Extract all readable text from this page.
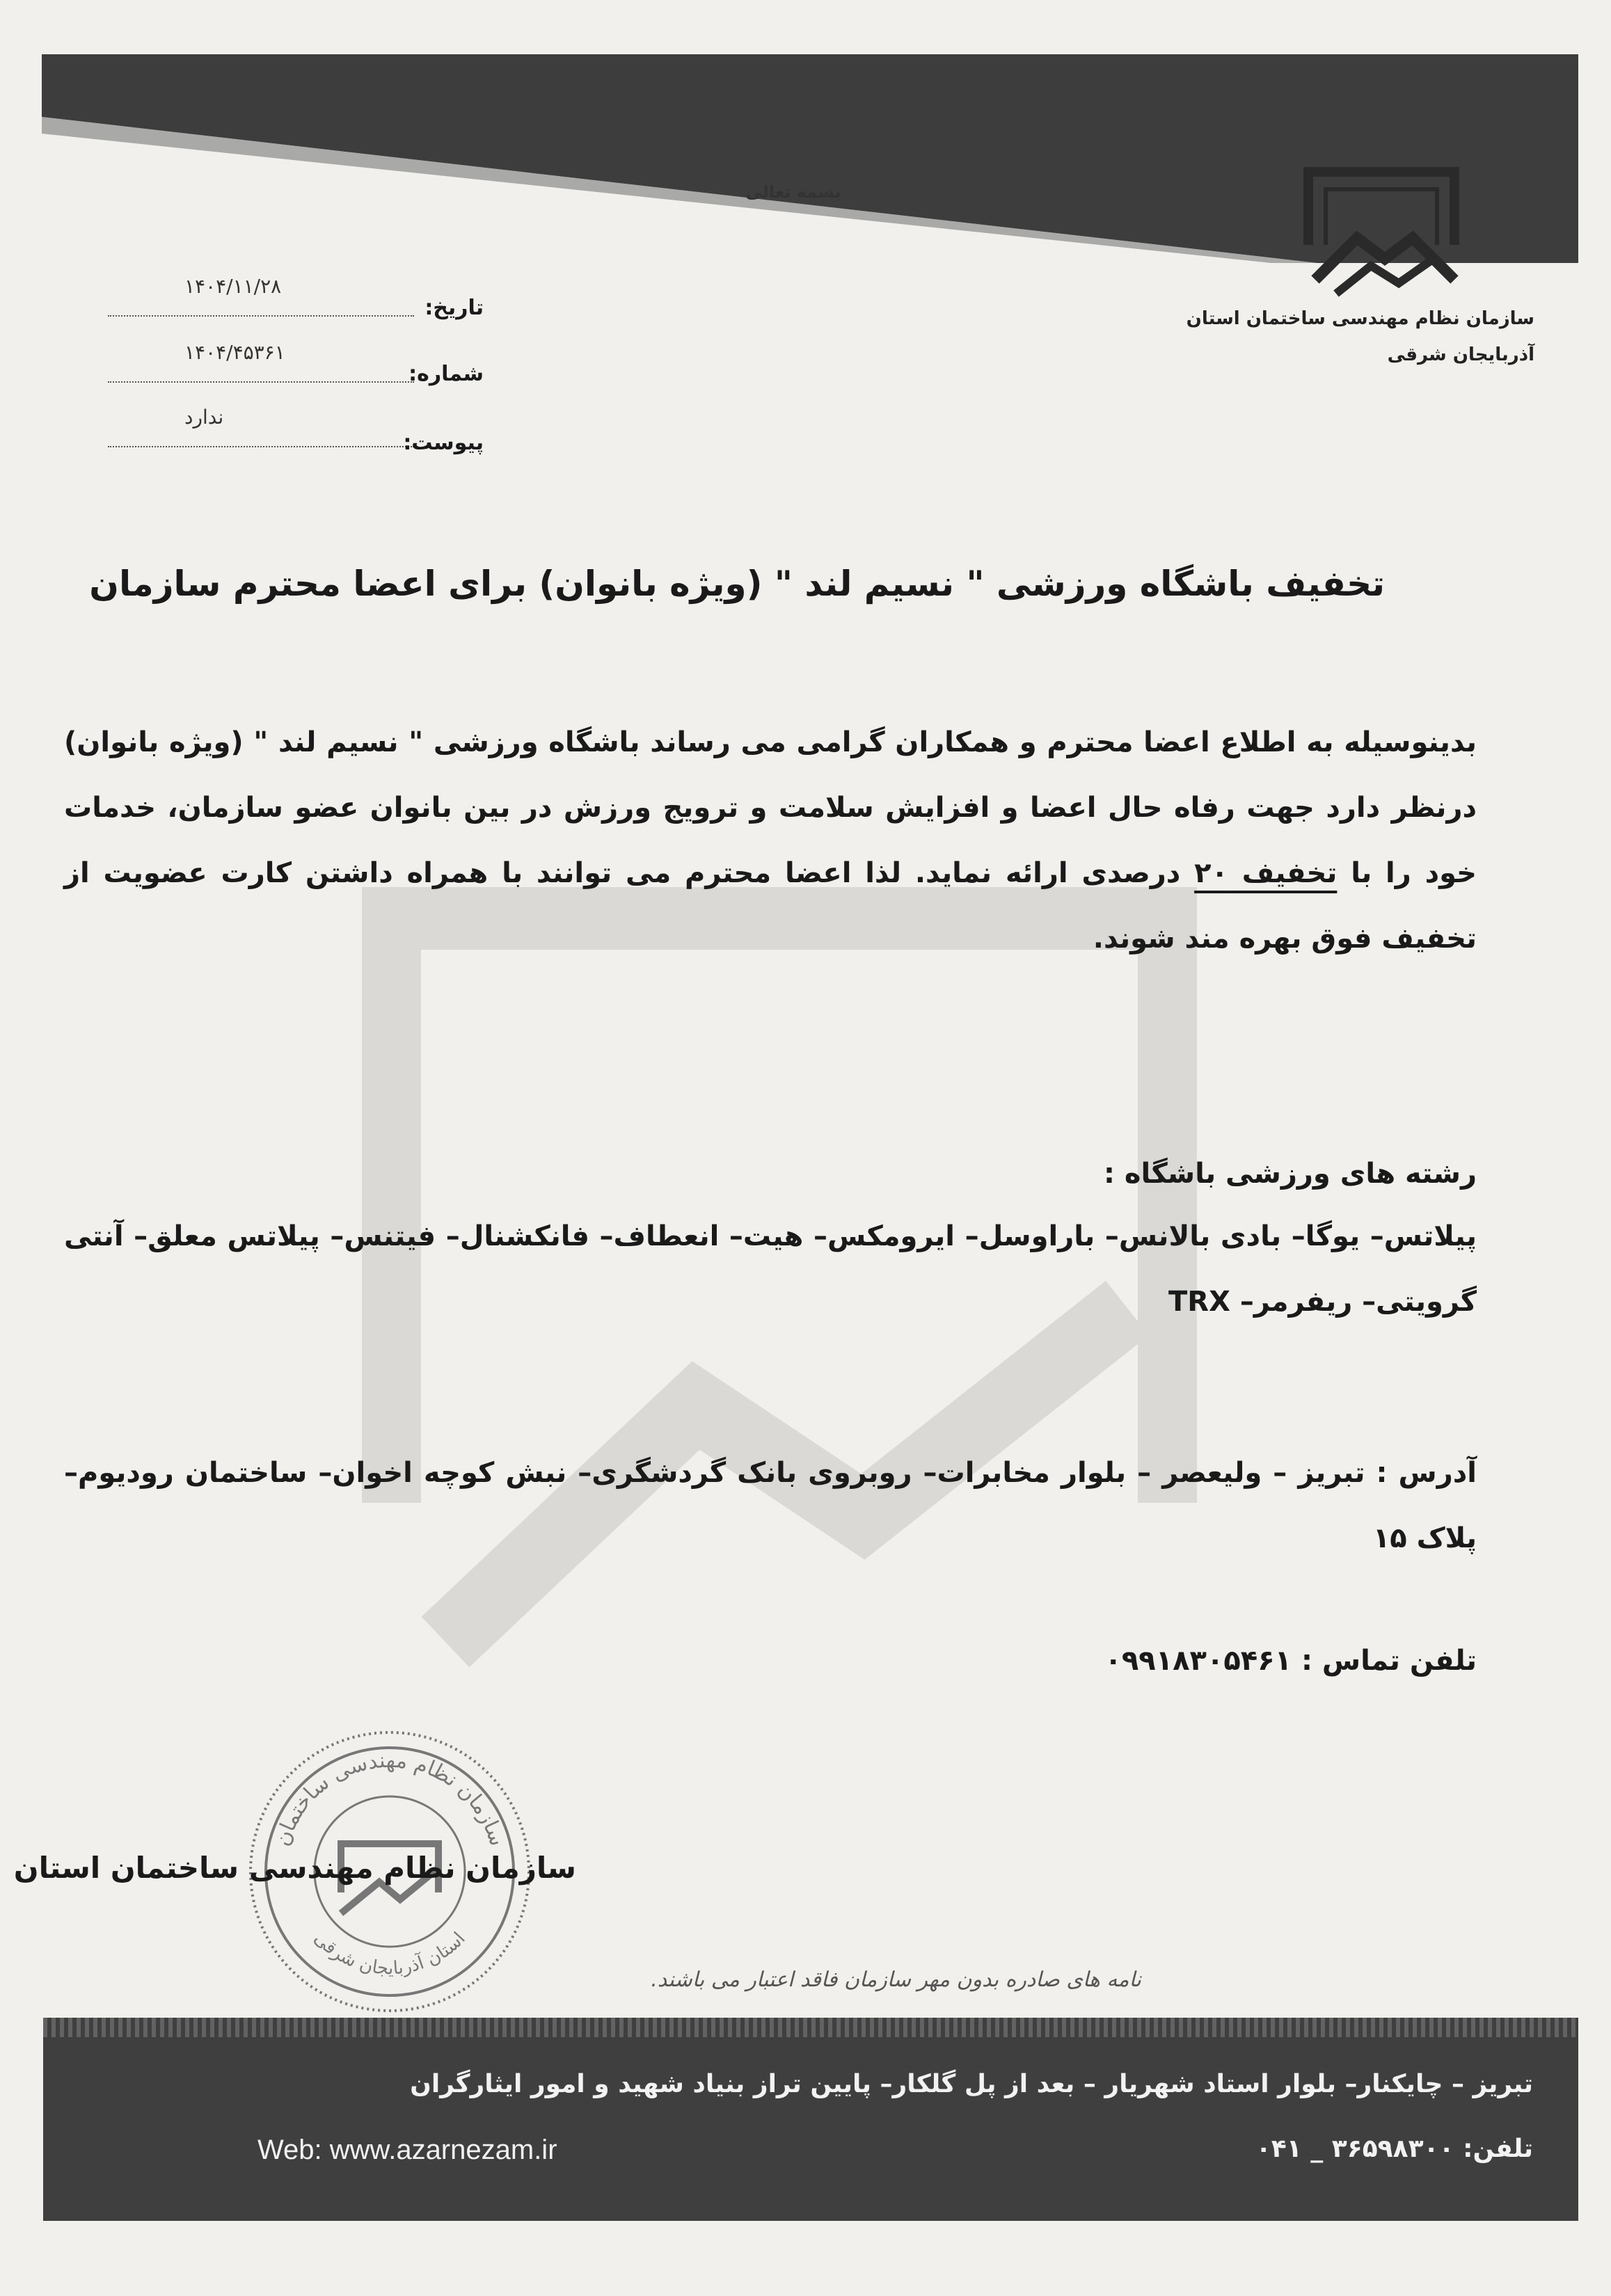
بسمه تعالی
سازمان نظام مهندسی ساختمان استان
آذربایجان شرقی
۱۴۰۴/۱۱/۲۸
تاریخ:
۱۴۰۴/۴۵۳۶۱
شماره:
ندارد
پیوست:
تخفیف باشگاه ورزشی " نسیم لند " (ویژه بانوان) برای اعضا محترم سازمان
بدینوسیله به اطلاع اعضا محترم و همکاران گرامی می رساند باشگاه ورزشی " نسیم لند " (ویژه بانوان) درنظر دارد جهت رفاه حال اعضا و افزایش سلامت و ترویج ورزش در بین بانوان عضو سازمان، خدمات خود را با تخفیف ۲۰ درصدی ارائه نماید. لذا اعضا محترم می توانند با همراه داشتن کارت عضویت از تخفیف فوق بهره مند شوند.
رشته های ورزشی باشگاه :
پیلاتس– یوگا– بادی بالانس– باراوسل– ایرومکس– هیت– انعطاف– فانکشنال– فیتنس– پیلاتس معلق– آنتی گرویتی– ریفرمر– TRX
آدرس : تبریز – ولیعصر – بلوار مخابرات– روبروی بانک گردشگری– نبش کوچه اخوان– ساختمان رودیوم– پلاک ۱۵
تلفن تماس : ۰۹۹۱۸۳۰۵۴۶۱
سازمان نظام مهندسی ساختمان
استان آذربایجان شرقی
سازمان نظام مهندسی ساختمان استان
نامه های صادره بدون مهر سازمان فاقد اعتبار می باشند.
تبریز – چایکنار– بلوار استاد شهریار – بعد از پل گلکار– پایین تراز بنیاد شهید و امور ایثارگران
Web: www.azarnezam.ir	تلفن: ۳۶۵۹۸۳۰۰ _ ۰۴۱
